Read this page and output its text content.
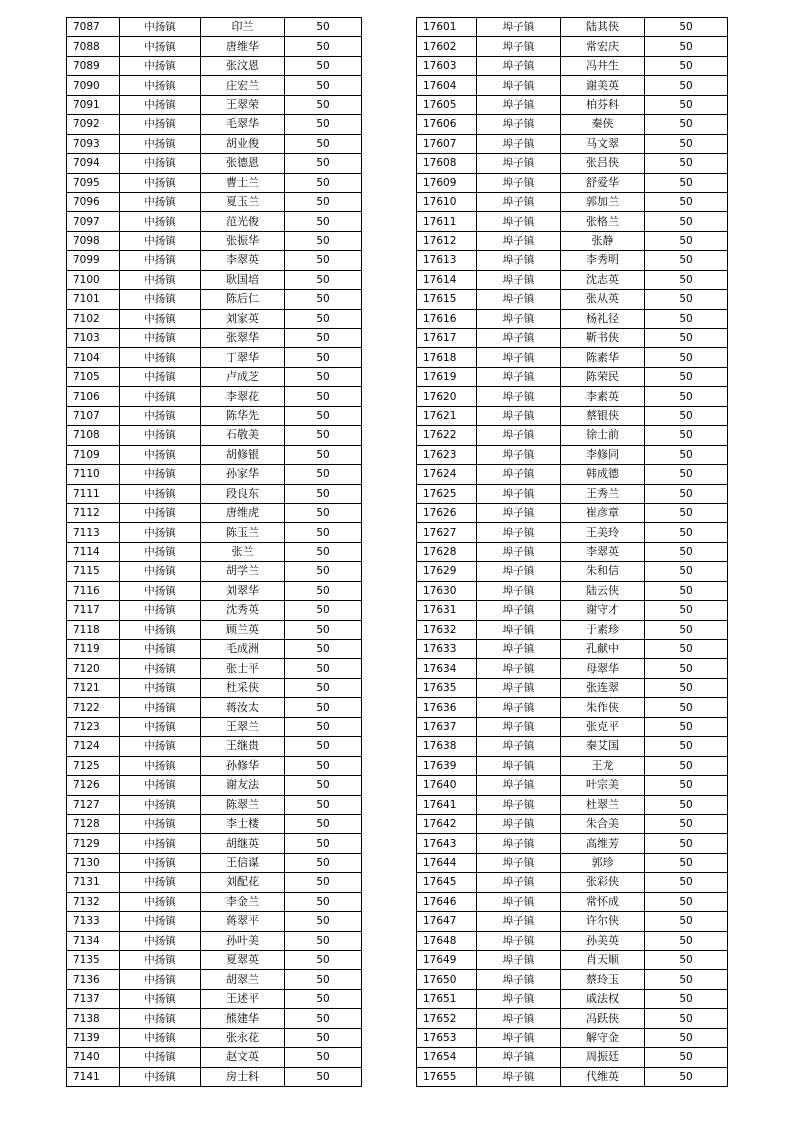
7087	中扬镇	印兰	50
7088	中扬镇	唐维华	50
7089	中扬镇	张汶恩	50
7090	中扬镇	庄宏兰	50
7091	中扬镇	王翠荣	50
7092	中扬镇	毛翠华	50
7093	中扬镇	胡业俊	50
7094	中扬镇	张德恩	50
7095	中扬镇	曹士兰	50
7096	中扬镇	夏玉兰	50
7097	中扬镇	范光俊	50
7098	中扬镇	张振华	50
7099	中扬镇	李翠英	50
7100	中扬镇	耿国培	50
7101	中扬镇	陈后仁	50
7102	中扬镇	刘家英	50
7103	中扬镇	张翠华	50
7104	中扬镇	丁翠华	50
7105	中扬镇	卢成芝	50
7106	中扬镇	李翠花	50
7107	中扬镇	陈华先	50
7108	中扬镇	石敬美	50
7109	中扬镇	胡修银	50
7110	中扬镇	孙家华	50
7111	中扬镇	段良东	50
7112	中扬镇	唐维虎	50
7113	中扬镇	陈玉兰	50
7114	中扬镇	张兰	50
7115	中扬镇	胡学兰	50
7116	中扬镇	刘翠华	50
7117	中扬镇	沈秀英	50
7118	中扬镇	顾兰英	50
7119	中扬镇	毛成洲	50
7120	中扬镇	张士平	50
7121	中扬镇	杜采侠	50
7122	中扬镇	蒋汝太	50
7123	中扬镇	王翠兰	50
7124	中扬镇	王继贵	50
7125	中扬镇	孙修华	50
7126	中扬镇	谢友法	50
7127	中扬镇	陈翠兰	50
7128	中扬镇	李士楼	50
7129	中扬镇	胡继英	50
7130	中扬镇	王信谋	50
7131	中扬镇	刘配花	50
7132	中扬镇	李金兰	50
7133	中扬镇	蒋翠平	50
7134	中扬镇	孙叶美	50
7135	中扬镇	夏翠英	50
7136	中扬镇	胡翠兰	50
7137	中扬镇	王述平	50
7138	中扬镇	熊建华	50
7139	中扬镇	张永花	50
7140	中扬镇	赵文英	50
7141	中扬镇	房士科	50
17601	埠子镇	陆其侠	50
17602	埠子镇	常宏庆	50
17603	埠子镇	冯井生	50
17604	埠子镇	谢美英	50
17605	埠子镇	柏芬科	50
17606	埠子镇	秦侠	50
17607	埠子镇	马文翠	50
17608	埠子镇	张吕侠	50
17609	埠子镇	舒爱华	50
17610	埠子镇	郭加兰	50
17611	埠子镇	张格兰	50
17612	埠子镇	张静	50
17613	埠子镇	李秀明	50
17614	埠子镇	沈志英	50
17615	埠子镇	张从英	50
17616	埠子镇	杨礼径	50
17617	埠子镇	靳书侠	50
17618	埠子镇	陈素华	50
17619	埠子镇	陈荣民	50
17620	埠子镇	李素英	50
17621	埠子镇	蔡银侠	50
17622	埠子镇	徐士前	50
17623	埠子镇	李修同	50
17624	埠子镇	韩成德	50
17625	埠子镇	王秀兰	50
17626	埠子镇	崔彦章	50
17627	埠子镇	王美玲	50
17628	埠子镇	李翠英	50
17629	埠子镇	朱和信	50
17630	埠子镇	陆云侠	50
17631	埠子镇	谢守才	50
17632	埠子镇	于素珍	50
17633	埠子镇	孔献中	50
17634	埠子镇	母翠华	50
17635	埠子镇	张连翠	50
17636	埠子镇	朱作侠	50
17637	埠子镇	张克平	50
17638	埠子镇	秦艾国	50
17639	埠子镇	王龙	50
17640	埠子镇	叶宗美	50
17641	埠子镇	杜翠兰	50
17642	埠子镇	朱合美	50
17643	埠子镇	高维芳	50
17644	埠子镇	郭珍	50
17645	埠子镇	张彩侠	50
17646	埠子镇	常怀成	50
17647	埠子镇	许尔侠	50
17648	埠子镇	孙美英	50
17649	埠子镇	肖天顺	50
17650	埠子镇	蔡玲玉	50
17651	埠子镇	戚法权	50
17652	埠子镇	冯跃侠	50
17653	埠子镇	解守金	50
17654	埠子镇	周振廷	50
17655	埠子镇	代维英	50
